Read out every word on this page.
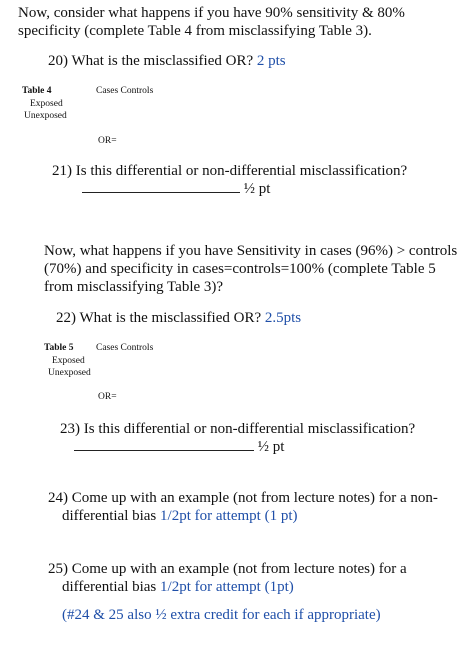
Now, consider what happens if you have 90% sensitivity & 80%
specificity (complete Table 4 from misclassifying Table 3).
20) What is the misclassified OR? 2 pts
Table 4	Cases Controls
Exposed
Unexposed
OR=
21) Is this differential or non-differential misclassification?
½ pt
Now, what happens if you have Sensitivity in cases (96%) > controls
(70%) and specificity in cases=controls=100% (complete Table 5
from misclassifying Table 3)?
22) What is the misclassified OR? 2.5pts
Table 5 Cases Controls
Exposed
Unexposed
OR=
23) Is this differential or non-differential misclassification?
½ pt
24) Come up with an example (not from lecture notes) for a non-
differential bias 1/2pt for attempt (1 pt)
25) Come up with an example (not from lecture notes) for a
differential bias 1/2pt for attempt (1pt)
(#24 & 25 also ½ extra credit for each if appropriate)
